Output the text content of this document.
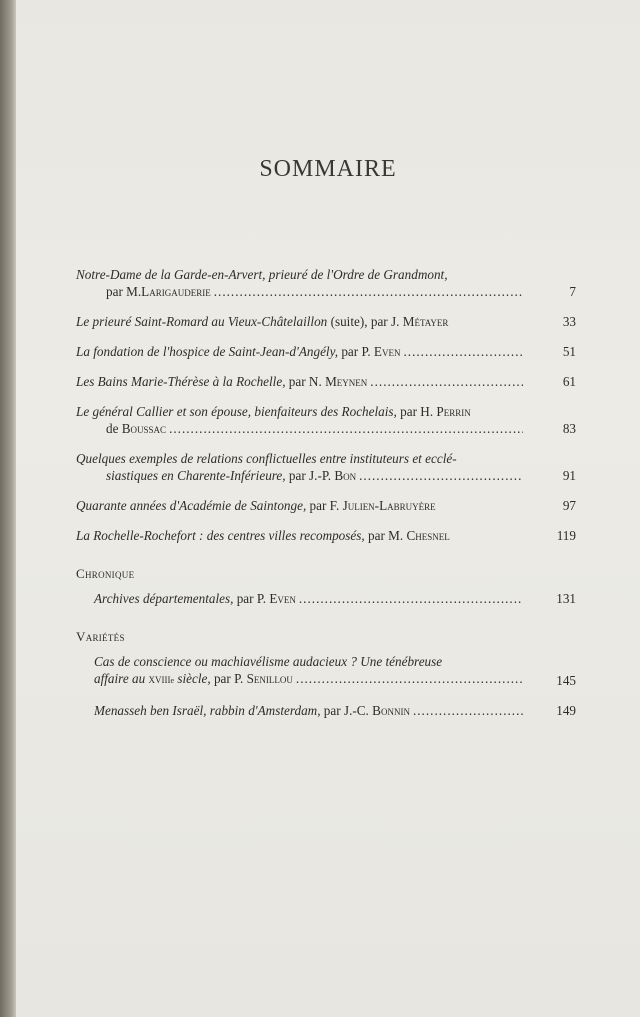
SOMMAIRE
Notre-Dame de la Garde-en-Arvert, prieuré de l'Ordre de Grandmont,
par M. Larigauderie .....	7
Le prieuré Saint-Romard au Vieux-Châtelaillon (suite), par J. Métayer	33
La fondation de l'hospice de Saint-Jean-d'Angély, par P. Even .....	51
Les Bains Marie-Thérèse à la Rochelle, par N. Meynen .....	61
Le général Callier et son épouse, bienfaiteurs des Rochelais, par H. Perrin
de Boussac .....	83
Quelques exemples de relations conflictuelles entre instituteurs et ecclé-
siastiques en Charente-Inférieure, par J.-P. Bon .....	91
Quarante années d'Académie de Saintonge, par F. Julien-Labruyère	97
La Rochelle-Rochefort : des centres villes recomposés, par M. Chesnel	119
Chronique
Archives départementales, par P. Even .....	131
Variétés
Cas de conscience ou machiavélisme audacieux ? Une ténébreuse
affaire au xviii e siècle, par P. Senillou .....	145
Menasseh ben Israël, rabbin d'Amsterdam, par J.-C. Bonnin .....	149
